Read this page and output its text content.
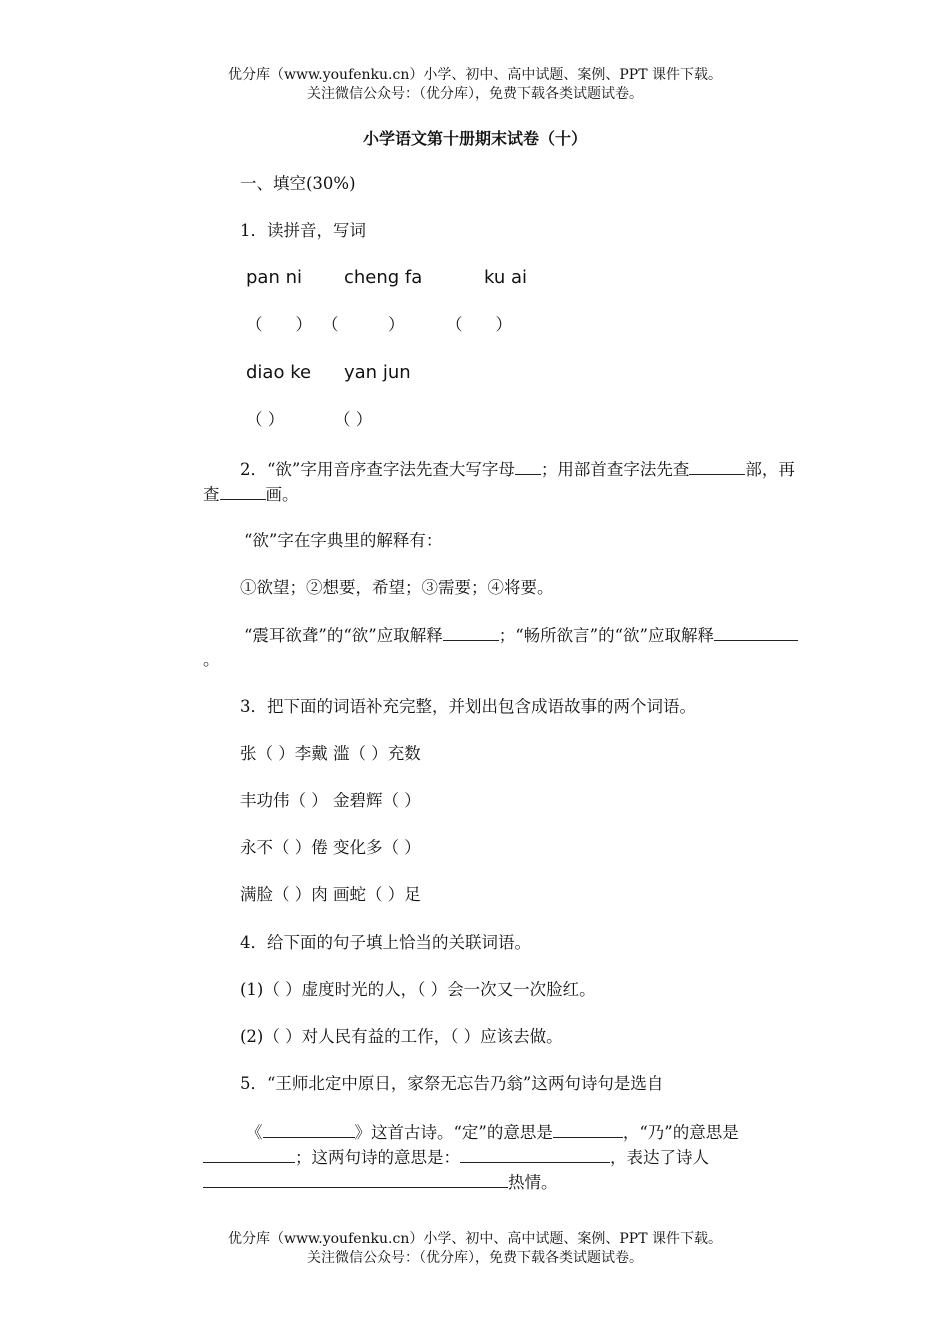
优分库（www.youfenku.cn）小学、初中、高中试题、案例、PPT 课件下载。
关注微信公众号：（优分库），免费下载各类试题试卷。
小学语文第十册期末试卷（十）
一、填空(30%)
1．读拼音，写词
pan ni cheng fa	ku ai
（　　） （　　　）	（　　）
diao ke yan jun
（ ）	（ ）
2．“欲”字用音序查字法先查大写字母 ；用部首查字法先查	部，再查	画。
“欲”字在字典里的解释有：
①欲望；②想要，希望；③需要；④将要。
“震耳欲聋”的“欲”应取解释	；“畅所欲言”的“欲”应取解释。
3．把下面的词语补充完整，并划出包含成语故事的两个词语。
张（ ）李戴 滥（ ）充数
丰功伟（ ） 金碧辉（ ）
永不（ ）倦 变化多（ ）
满脸（ ）肉 画蛇（ ）足
4．给下面的句子填上恰当的关联词语。
(1)（ ）虚度时光的人，（ ）会一次又一次脸红。
(2)（ ）对人民有益的工作，（ ）应该去做。
5．“王师北定中原日，家祭无忘告乃翁”这两句诗句是选自
《	》这首古诗。“定”的意思是	，“乃”的意思是；这两句诗的意思是：	，表达了诗人热情。
优分库（www.youfenku.cn）小学、初中、高中试题、案例、PPT 课件下载。
关注微信公众号：（优分库），免费下载各类试题试卷。
